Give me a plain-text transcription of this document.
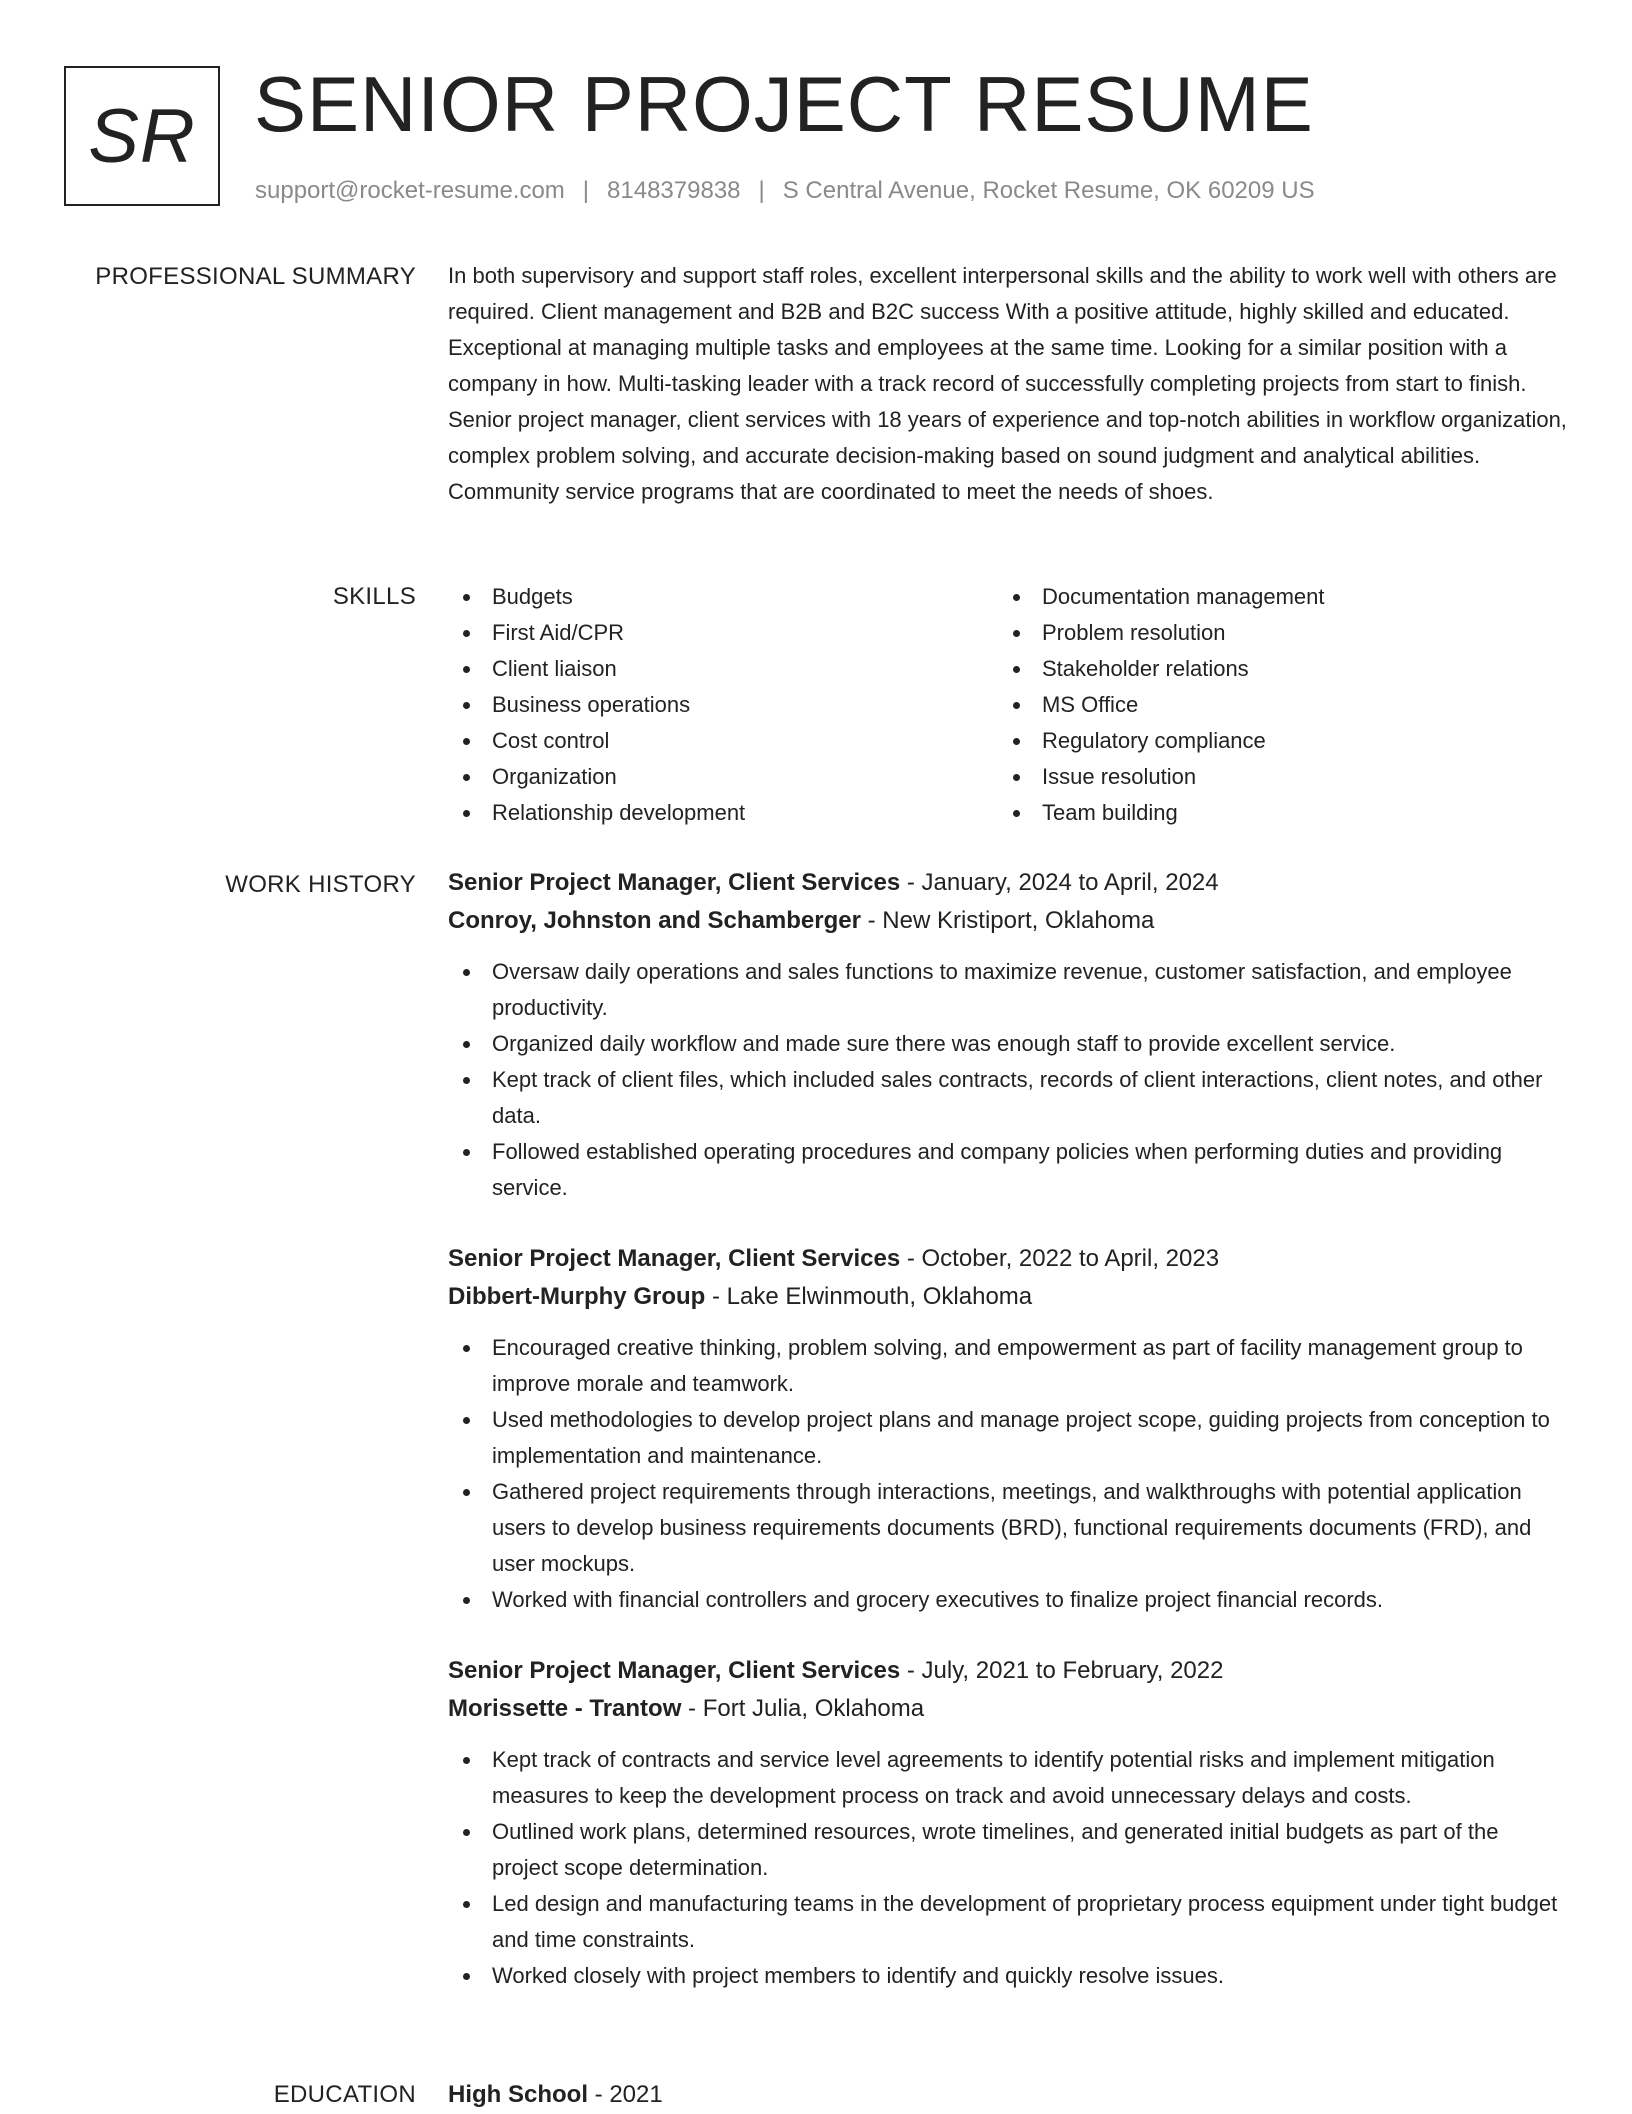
SR SENIOR PROJECT RESUME
support@rocket-resume.com | 8148379838 | S Central Avenue, Rocket Resume, OK 60209 US
PROFESSIONAL SUMMARY In both supervisory and support staff roles, excellent interpersonal skills and the ability to work well with others are required. Client management and B2B and B2C success With a positive attitude, highly skilled and educated. Exceptional at managing multiple tasks and employees at the same time. Looking for a similar position with a company in how. Multi-tasking leader with a track record of successfully completing projects from start to finish. Senior project manager, client services with 18 years of experience and top-notch abilities in workflow organization, complex problem solving, and accurate decision-making based on sound judgment and analytical abilities. Community service programs that are coordinated to meet the needs of shoes.

SKILLS	Budgets
First Aid/CPR
Client liaison
Business operations
Cost control
Organization
Relationship development
Documentation management
Problem resolution
Stakeholder relations
MS Office
Regulatory compliance
Issue resolution
Team building
WORK HISTORY Senior Project Manager, Client Services - January, 2024 to April, 2024

Conroy, Johnston and Schamberger - New Kristiport, Oklahoma

Oversaw daily operations and sales functions to maximize revenue, customer satisfaction, and employee productivity.
Organized daily workflow and made sure there was enough staff to provide excellent service.
Kept track of client files, which included sales contracts, records of client interactions, client notes, and other data.
Followed established operating procedures and company policies when performing duties and providing service.

Senior Project Manager, Client Services - October, 2022 to April, 2023

Dibbert-Murphy Group - Lake Elwinmouth, Oklahoma

Encouraged creative thinking, problem solving, and empowerment as part of facility management group to improve morale and teamwork.
Used methodologies to develop project plans and manage project scope, guiding projects from conception to implementation and maintenance.
Gathered project requirements through interactions, meetings, and walkthroughs with potential application users to develop business requirements documents (BRD), functional requirements documents (FRD), and user mockups.
Worked with financial controllers and grocery executives to finalize project financial records.

Senior Project Manager, Client Services - July, 2021 to February, 2022

Morissette - Trantow - Fort Julia, Oklahoma

Kept track of contracts and service level agreements to identify potential risks and implement mitigation measures to keep the development process on track and avoid unnecessary delays and costs.
Outlined work plans, determined resources, wrote timelines, and generated initial budgets as part of the project scope determination.
Led design and manufacturing teams in the development of proprietary process equipment under tight budget and time constraints.
Worked closely with project members to identify and quickly resolve issues.
EDUCATION High School - 2021
